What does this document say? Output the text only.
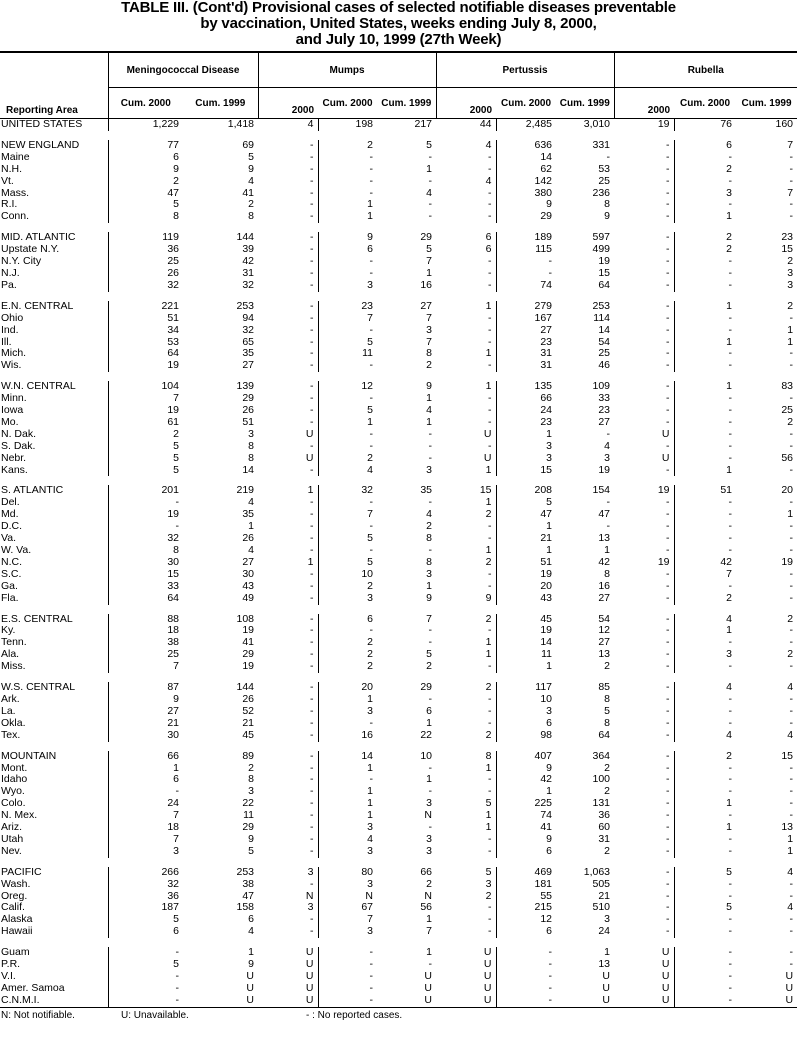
TABLE III. (Cont'd) Provisional cases of selected notifiable diseases preventable
by vaccination, United States, weeks ending July 8, 2000,
and July 10, 1999 (27th Week)
	Meningococcal Disease		Mumps			Pertussis			Rubella		
Reporting Area	Cum. 2000	Cum. 1999	2000	Cum. 2000	Cum. 1999	2000	Cum. 2000	Cum. 1999	2000	Cum. 2000	Cum. 1999
UNITED STATES	1,229	1,418	4	198	217	44	2,485	3,010	19	76	160

NEW ENGLAND	77	69	-	2	5	4	636	331	-	6	7
Maine	6	5	-	-	-	-	14	-	-	-	-
N.H.	9	9	-	-	1	-	62	53	-	2	-
Vt.	2	4	-	-	-	4	142	25	-	-	-
Mass.	47	41	-	-	4	-	380	236	-	3	7
R.I.	5	2	-	1	-	-	9	8	-	-	-
Conn.	8	8	-	1	-	-	29	9	-	1	-

MID. ATLANTIC	119	144	-	9	29	6	189	597	-	2	23
Upstate N.Y.	36	39	-	6	5	6	115	499	-	2	15
N.Y. City	25	42	-	-	7	-	-	19	-	-	2
N.J.	26	31	-	-	1	-	-	15	-	-	3
Pa.	32	32	-	3	16	-	74	64	-	-	3

E.N. CENTRAL	221	253	-	23	27	1	279	253	-	1	2
Ohio	51	94	-	7	7	-	167	114	-	-	-
Ind.	34	32	-	-	3	-	27	14	-	-	1
Ill.	53	65	-	5	7	-	23	54	-	1	1
Mich.	64	35	-	11	8	1	31	25	-	-	-
Wis.	19	27	-	-	2	-	31	46	-	-	-

W.N. CENTRAL	104	139	-	12	9	1	135	109	-	1	83
Minn.	7	29	-	-	1	-	66	33	-	-	-
Iowa	19	26	-	5	4	-	24	23	-	-	25
Mo.	61	51	-	1	1	-	23	27	-	-	2
N. Dak.	2	3	U	-	-	U	1	-	U	-	-
S. Dak.	5	8	-	-	-	-	3	4	-	-	-
Nebr.	5	8	U	2	-	U	3	3	U	-	56
Kans.	5	14	-	4	3	1	15	19	-	1	-

S. ATLANTIC	201	219	1	32	35	15	208	154	19	51	20
Del.	-	4	-	-	-	1	5	-	-	-	-
Md.	19	35	-	7	4	2	47	47	-	-	1
D.C.	-	1	-	-	2	-	1	-	-	-	-
Va.	32	26	-	5	8	-	21	13	-	-	-
W. Va.	8	4	-	-	-	1	1	1	-	-	-
N.C.	30	27	1	5	8	2	51	42	19	42	19
S.C.	15	30	-	10	3	-	19	8	-	7	-
Ga.	33	43	-	2	1	-	20	16	-	-	-
Fla.	64	49	-	3	9	9	43	27	-	2	-

E.S. CENTRAL	88	108	-	6	7	2	45	54	-	4	2
Ky.	18	19	-	-	-	-	19	12	-	1	-
Tenn.	38	41	-	2	-	1	14	27	-	-	-
Ala.	25	29	-	2	5	1	11	13	-	3	2
Miss.	7	19	-	2	2	-	1	2	-	-	-

W.S. CENTRAL	87	144	-	20	29	2	117	85	-	4	4
Ark.	9	26	-	1	-	-	10	8	-	-	-
La.	27	52	-	3	6	-	3	5	-	-	-
Okla.	21	21	-	-	1	-	6	8	-	-	-
Tex.	30	45	-	16	22	2	98	64	-	4	4

MOUNTAIN	66	89	-	14	10	8	407	364	-	2	15
Mont.	1	2	-	1	-	1	9	2	-	-	-
Idaho	6	8	-	-	1	-	42	100	-	-	-
Wyo.	-	3	-	1	-	-	1	2	-	-	-
Colo.	24	22	-	1	3	5	225	131	-	1	-
N. Mex.	7	11	-	1	N	1	74	36	-	-	-
Ariz.	18	29	-	3	-	1	41	60	-	1	13
Utah	7	9	-	4	3	-	9	31	-	-	1
Nev.	3	5	-	3	3	-	6	2	-	-	1

PACIFIC	266	253	3	80	66	5	469	1,063	-	5	4
Wash.	32	38	-	3	2	3	181	505	-	-	-
Oreg.	36	47	N	N	N	2	55	21	-	-	-
Calif.	187	158	3	67	56	-	215	510	-	5	4
Alaska	5	6	-	7	1	-	12	3	-	-	-
Hawaii	6	4	-	3	7	-	6	24	-	-	-

Guam	-	1	U	-	1	U	-	1	U	-	-
P.R.	5	9	U	-	-	U	-	13	U	-	-
V.I.	-	U	U	-	U	U	-	U	U	-	U
Amer. Samoa	-	U	U	-	U	U	-	U	U	-	U
C.N.M.I.	-	U	U	-	U	U	-	U	U	-	U
N: Not notifiable.	U: Unavailable.	- : No reported cases.
